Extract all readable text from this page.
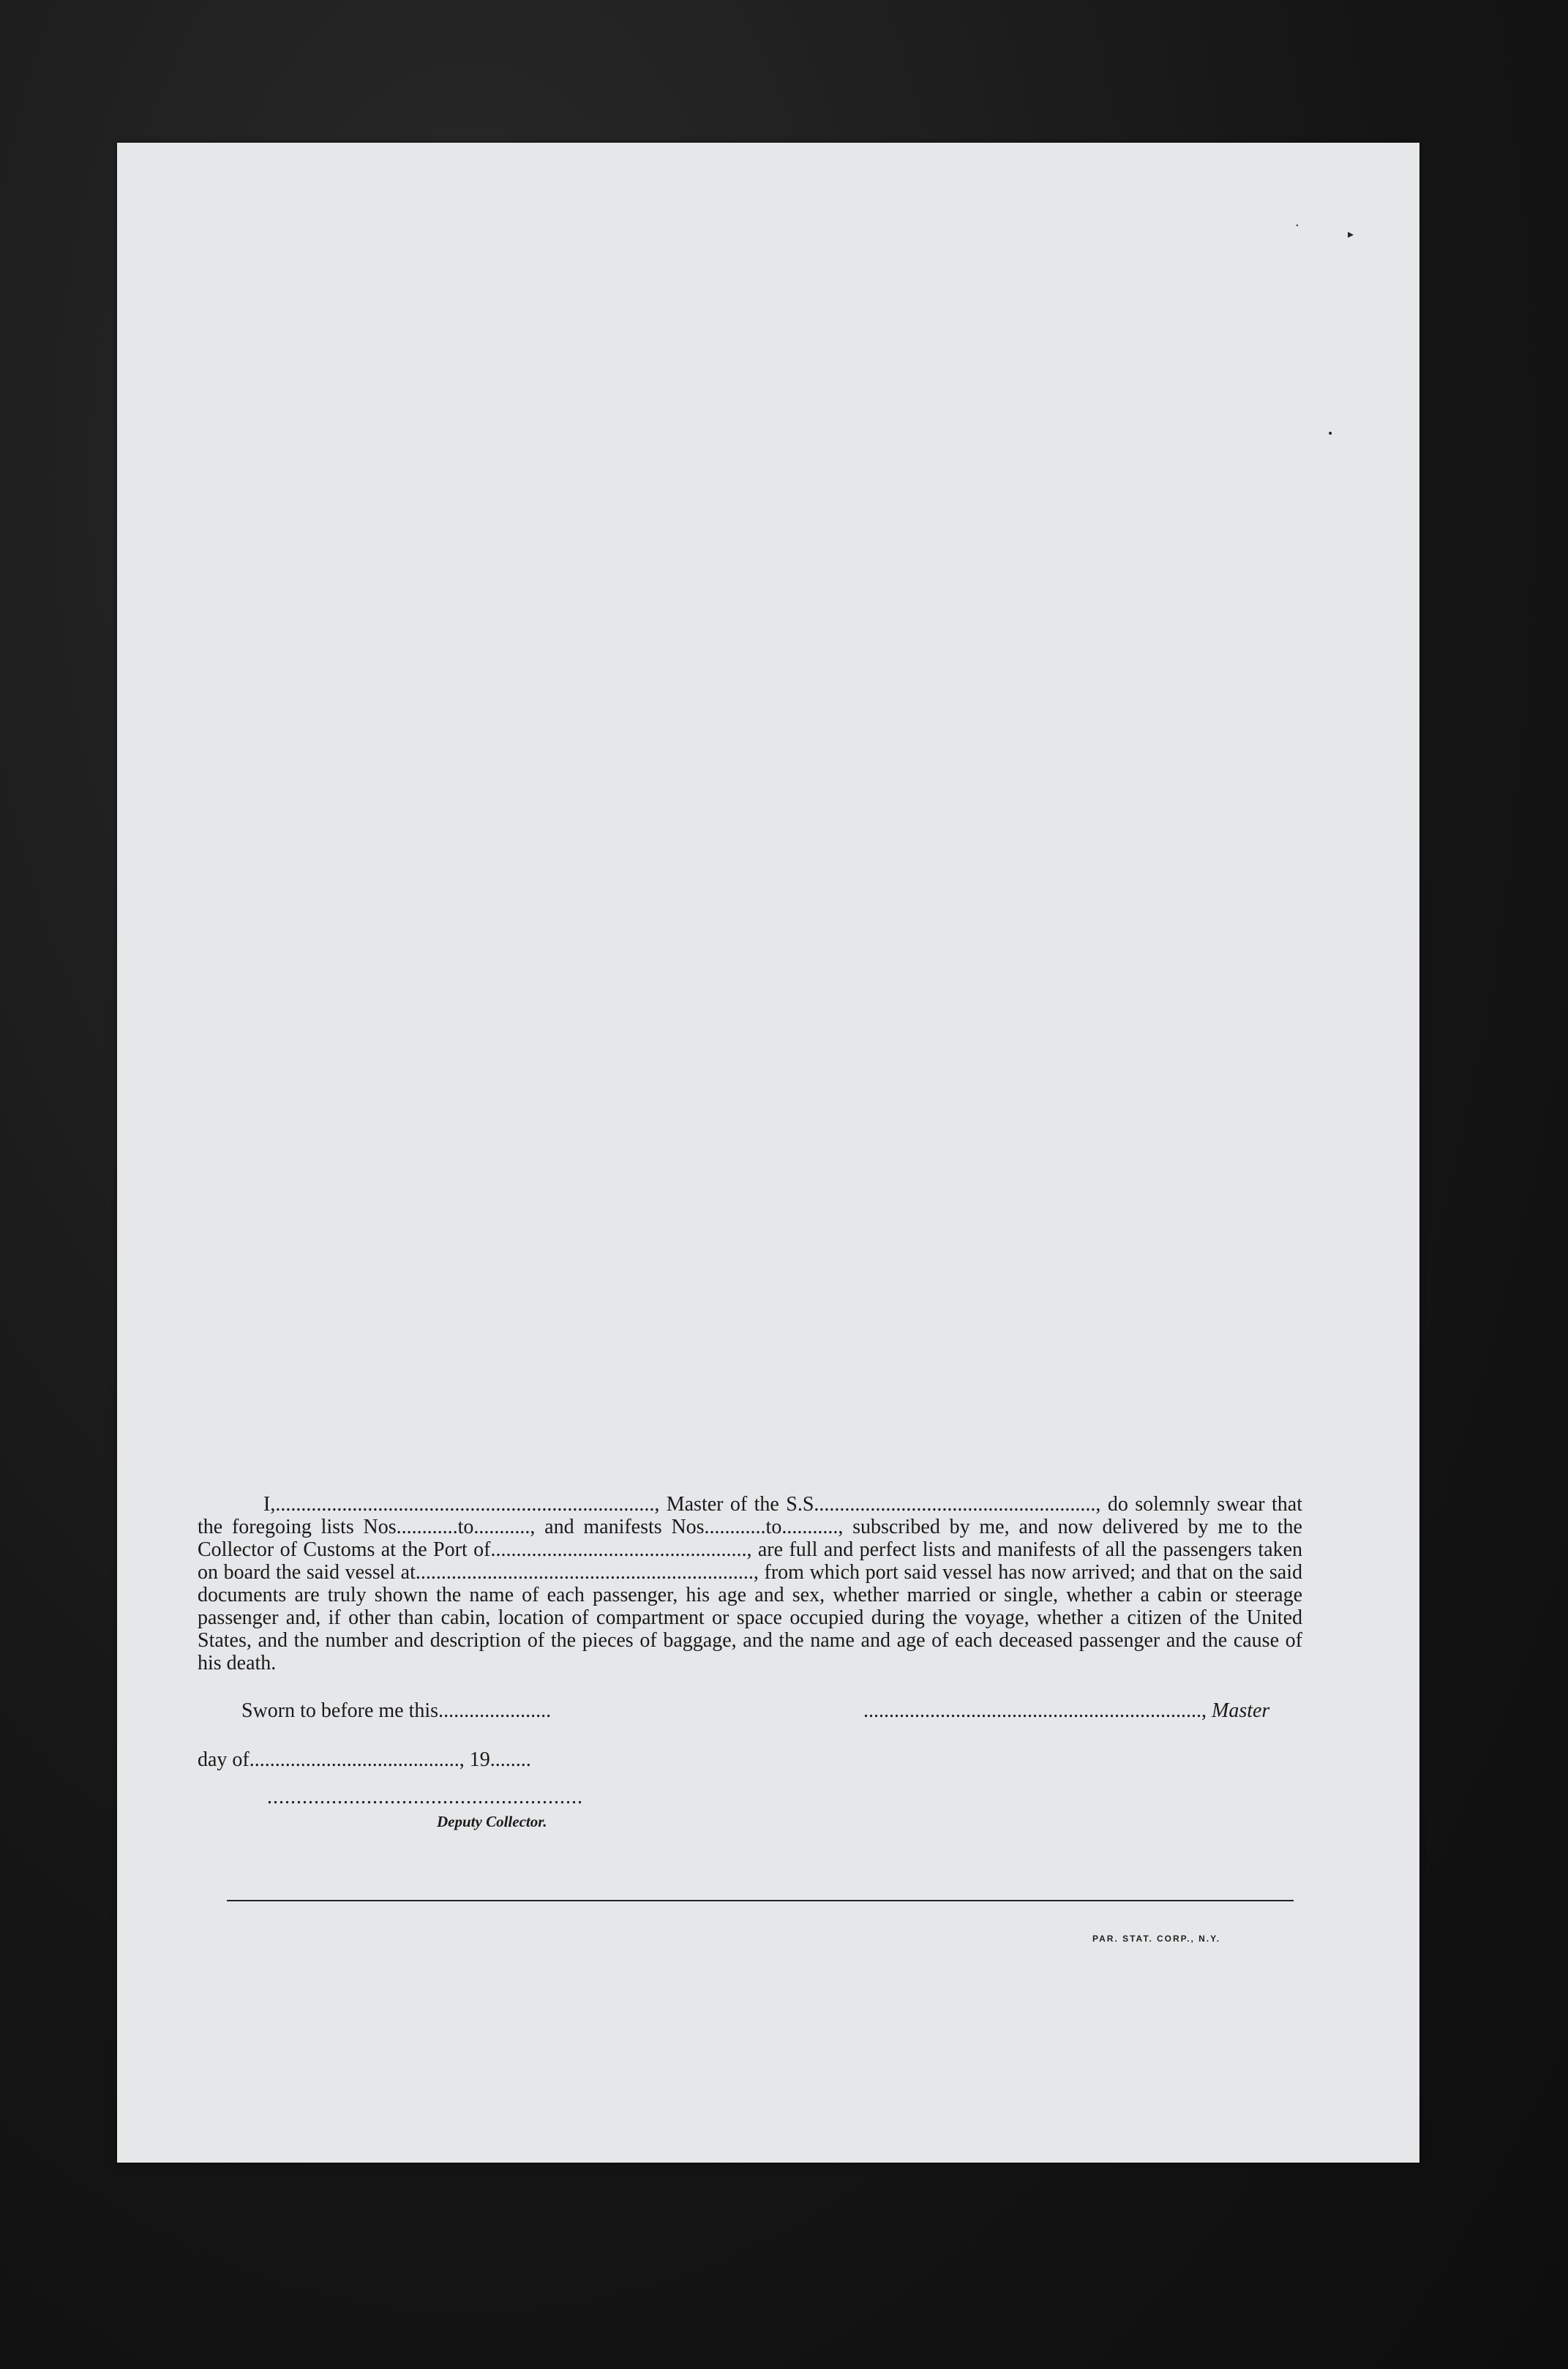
·
▸
•
I,.........................................................................., Master of the S.S......................................................., do solemnly swear that the foregoing lists Nos............to..........., and manifests Nos............to..........., subscribed by me, and now delivered by me to the Collector of Customs at the Port of.................................................., are full and perfect lists and manifests of all the passengers taken on board the said vessel at.................................................................., from which port said vessel has now arrived; and that on the said documents are truly shown the name of each passenger, his age and sex, whether married or single, whether a cabin or steerage passenger and, if other than cabin, location of compartment or space occupied during the voyage, whether a citizen of the United States, and the number and description of the pieces of baggage, and the name and age of each deceased passenger and the cause of his death.
Sworn to before me this......................	.................................................................., Master
day of........................................., 19........
......................................................
Deputy Collector.
PAR. STAT. CORP., N.Y.
